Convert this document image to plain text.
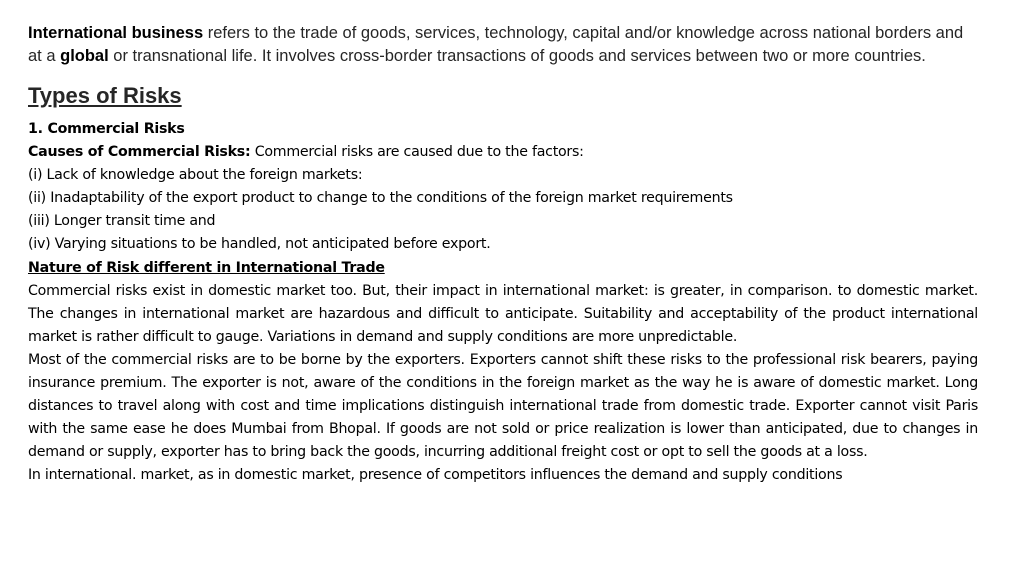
International business refers to the trade of goods, services, technology, capital and/or knowledge across national borders and at a global or transnational life. It involves cross-border transactions of goods and services between two or more countries.

Types of Risks
1. Commercial Risks
Causes of Commercial Risks: Commercial risks are caused due to the factors:
(i) Lack of knowledge about the foreign markets:
(ii) Inadaptability of the export product to change to the conditions of the foreign market requirements
(iii) Longer transit time and
(iv) Varying situations to be handled, not anticipated before export.
Nature of Risk different in International Trade

Commercial risks exist in domestic market too. But, their impact in international market: is greater, in comparison. to domestic market. The changes in international market are hazardous and difficult to anticipate. Suitability and acceptability of the product international market is rather difficult to gauge. Variations in demand and supply conditions are more unpredictable.

Most of the commercial risks are to be borne by the exporters. Exporters cannot shift these risks to the professional risk bearers, paying insurance premium. The exporter is not, aware of the conditions in the foreign market as the way he is aware of domestic market. Long distances to travel along with cost and time implications distinguish international trade from domestic trade. Exporter cannot visit Paris with the same ease he does Mumbai from Bhopal. If goods are not sold or price realization is lower than anticipated, due to changes in demand or supply, exporter has to bring back the goods, incurring additional freight cost or opt to sell the goods at a loss.

In international. market, as in domestic market, presence of competitors influences the demand and supply conditions
